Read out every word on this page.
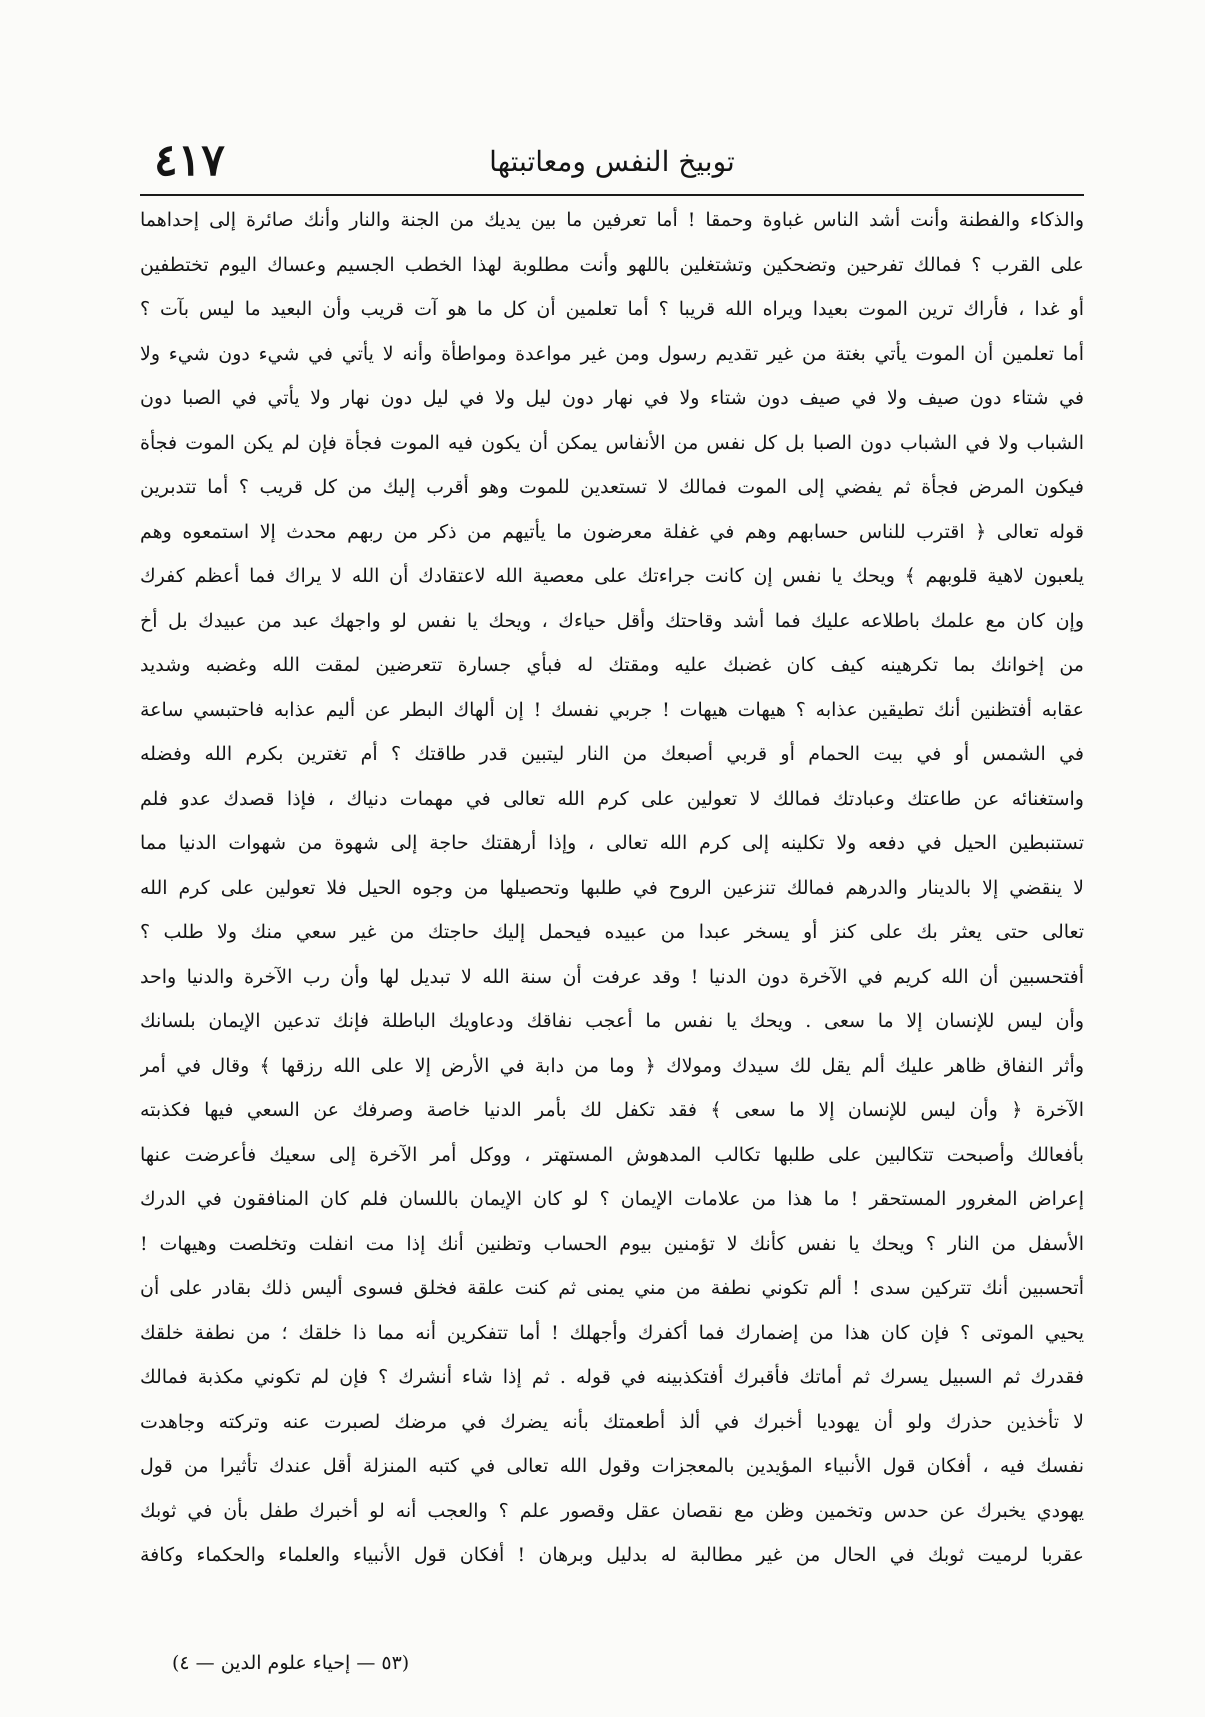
٤١٧	توبيخ النفس ومعاتبتها
والذكاء والفطنة وأنت أشد الناس غباوة وحمقا ! أما تعرفين ما بين يديك من الجنة والنار وأنك صائرة إلى إحداهما
على القرب ؟ فمالك تفرحين وتضحكين وتشتغلين باللهو وأنت مطلوبة لهذا الخطب الجسيم وعساك اليوم تختطفين
أو غدا ، فأراك ترين الموت بعيدا ويراه الله قريبا ؟ أما تعلمين أن كل ما هو آت قريب وأن البعيد ما ليس بآت ؟
أما تعلمين أن الموت يأتي بغتة من غير تقديم رسول ومن غير مواعدة ومواطأة وأنه لا يأتي في شيء دون شيء ولا
في شتاء دون صيف ولا في صيف دون شتاء ولا في نهار دون ليل ولا في ليل دون نهار ولا يأتي في الصبا دون
الشباب ولا في الشباب دون الصبا بل كل نفس من الأنفاس يمكن أن يكون فيه الموت فجأة فإن لم يكن الموت فجأة
فيكون المرض فجأة ثم يفضي إلى الموت فمالك لا تستعدين للموت وهو أقرب إليك من كل قريب ؟ أما تتدبرين
قوله تعالى ﴿ اقترب للناس حسابهم وهم في غفلة معرضون ما يأتيهم من ذكر من ربهم محدث إلا استمعوه وهم
يلعبون لاهية قلوبهم ﴾ ويحك يا نفس إن كانت جراءتك على معصية الله لاعتقادك أن الله لا يراك فما أعظم كفرك
وإن كان مع علمك باطلاعه عليك فما أشد وقاحتك وأقل حياءك ، ويحك يا نفس لو واجهك عبد من عبيدك بل أخ
من إخوانك بما تكرهينه كيف كان غضبك عليه ومقتك له فبأي جسارة تتعرضين لمقت الله وغضبه وشديد
عقابه أفتظنين أنك تطيقين عذابه ؟ هيهات هيهات ! جربي نفسك ! إن ألهاك البطر عن أليم عذابه فاحتبسي ساعة
في الشمس أو في بيت الحمام أو قربي أصبعك من النار ليتبين قدر طاقتك ؟ أم تغترين بكرم الله وفضله
واستغنائه عن طاعتك وعبادتك فمالك لا تعولين على كرم الله تعالى في مهمات دنياك ، فإذا قصدك عدو فلم
تستنبطين الحيل في دفعه ولا تكلينه إلى كرم الله تعالى ، وإذا أرهقتك حاجة إلى شهوة من شهوات الدنيا مما
لا ينقضي إلا بالدينار والدرهم فمالك تنزعين الروح في طلبها وتحصيلها من وجوه الحيل فلا تعولين على كرم الله
تعالى حتى يعثر بك على كنز أو يسخر عبدا من عبيده فيحمل إليك حاجتك من غير سعي منك ولا طلب ؟
أفتحسبين أن الله كريم في الآخرة دون الدنيا ! وقد عرفت أن سنة الله لا تبديل لها وأن رب الآخرة والدنيا واحد
وأن ليس للإنسان إلا ما سعى . ويحك يا نفس ما أعجب نفاقك ودعاويك الباطلة فإنك تدعين الإيمان بلسانك
وأثر النفاق ظاهر عليك ألم يقل لك سيدك ومولاك ﴿ وما من دابة في الأرض إلا على الله رزقها ﴾ وقال في أمر
الآخرة ﴿ وأن ليس للإنسان إلا ما سعى ﴾ فقد تكفل لك بأمر الدنيا خاصة وصرفك عن السعي فيها فكذبته
بأفعالك وأصبحت تتكالبين على طلبها تكالب المدهوش المستهتر ، ووكل أمر الآخرة إلى سعيك فأعرضت عنها
إعراض المغرور المستحقر ! ما هذا من علامات الإيمان ؟ لو كان الإيمان باللسان فلم كان المنافقون في الدرك
الأسفل من النار ؟ ويحك يا نفس كأنك لا تؤمنين بيوم الحساب وتظنين أنك إذا مت انفلت وتخلصت وهيهات !
أتحسبين أنك تتركين سدى ! ألم تكوني نطفة من مني يمنى ثم كنت علقة فخلق فسوى أليس ذلك بقادر على أن
يحيي الموتى ؟ فإن كان هذا من إضمارك فما أكفرك وأجهلك ! أما تتفكرين أنه مما ذا خلقك ؛ من نطفة خلقك
فقدرك ثم السبيل يسرك ثم أماتك فأقبرك أفتكذبينه في قوله . ثم إذا شاء أنشرك ؟ فإن لم تكوني مكذبة فمالك
لا تأخذين حذرك ولو أن يهوديا أخبرك في ألذ أطعمتك بأنه يضرك في مرضك لصبرت عنه وتركته وجاهدت
نفسك فيه ، أفكان قول الأنبياء المؤيدين بالمعجزات وقول الله تعالى في كتبه المنزلة أقل عندك تأثيرا من قول
يهودي يخبرك عن حدس وتخمين وظن مع نقصان عقل وقصور علم ؟ والعجب أنه لو أخبرك طفل بأن في ثوبك
عقربا لرميت ثوبك في الحال من غير مطالبة له بدليل وبرهان ! أفكان قول الأنبياء والعلماء والحكماء وكافة
(٥٣ — إحياء علوم الدين — ٤)
